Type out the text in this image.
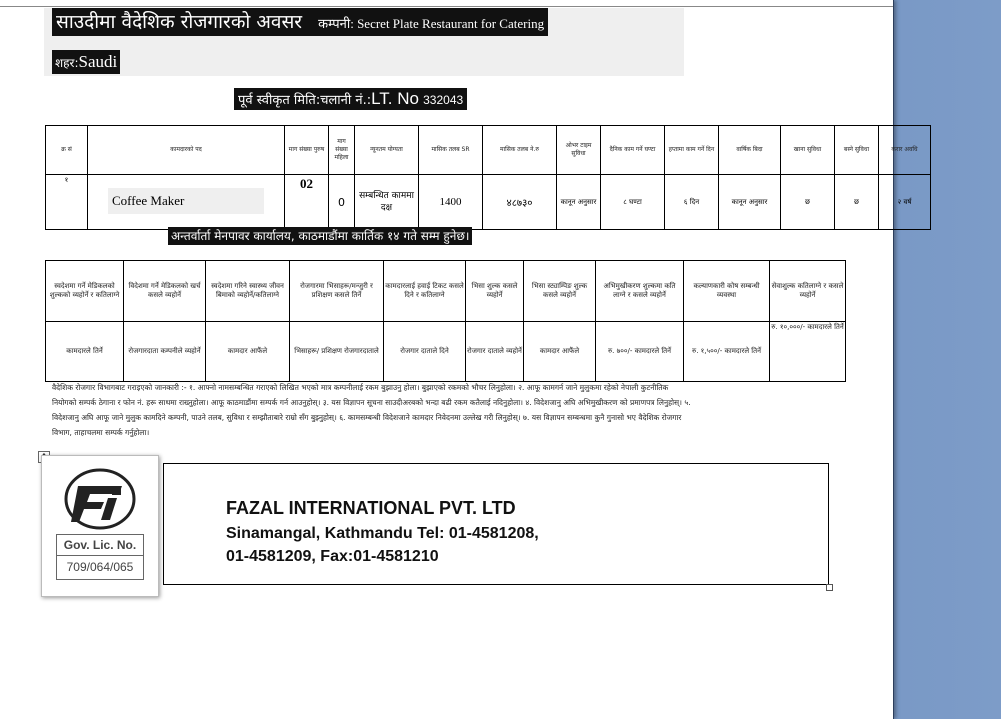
साउदीमा वैदेशिक रोजगारको अवसर कम्पनी: Secret Plate Restaurant for Catering
शहर:Saudi
पूर्व स्वीकृत मिति:चलानी नं.:LT. No 332043
क्र सं	कामदारको पद	माग संख्या पुरुष	माग संख्या महिला	न्यूनतम योग्यता	मासिक तलब SR	मासिक तलब ने.रु	ओभर टाइम सुविधा	दैनिक काम गर्ने घण्टा	हप्तामा काम गर्ने दिन	वार्षिक बिदा	खाना सुविधा	बस्ने सुविधा	करार अवधि
१	Coffee Maker	02	0	सम्बन्धित काममा दक्ष	1400	४८७३०	कानून अनुसार	८ घण्टा	६ दिन	कानून अनुसार	छ	छ	२ वर्ष
अन्तर्वार्ता मेनपावर कार्यालय, काठमाडौंमा कार्तिक १४ गते सम्म हुनेछ।
स्वदेशमा गर्ने मेडिकलको शुल्कको व्यहोर्ने र कतिलाग्ने	विदेशमा गर्ने मेडिकलको खर्च कसले व्यहोर्ने	स्वदेशमा गरिने स्वास्थ्य जीवन बिमाको व्यहोर्ने/कतिलाग्ने	रोजगारमा भिसाहरू/मन्जुरी र प्रशिक्षण कसले तिर्ने	कामदारलाई हवाई टिकट कसले दिने र कतिलाग्ने	भिसा शुल्क कसले व्यहोर्ने	भिसा स्ट्याम्पिङ शुल्क कसले व्यहोर्ने	अभिमुखीकरण शुल्कमा कति लाग्ने र कसले व्यहोर्ने	कल्याणकारी कोष सम्बन्धी व्यवस्था	सेवाशुल्क कतिलाग्ने र कसले व्यहोर्ने
कामदारले तिर्ने	रोजगारदाता कम्पनीले व्यहोर्ने	कामदार आफैंले	भिसाहरू/ प्रशिक्षण रोजगारदाताले	रोजगार दाताले दिने	रोजगार दाताले व्यहोर्ने	कामदार आफैंले	रु. ७००/- कामदारले तिर्ने	रु. १,५००/- कामदारले तिर्ने	रु. १०,०००/- कामदारले तिर्ने
वैदेशिक रोजगार विभागबाट गराइएको जानकारी :- १. आफ्नो नामसम्बन्धित गराएको लिखित भएको मात्र कम्पनीलाई रकम बुझाउनु होला। बुझाएको रकमको भौचर लिनुहोला। २. आफू कामगर्न जाने मुलुकमा रहेको नेपाली कुटनीतिक नियोगको सम्पर्क ठेगाना र फोन नं. हरू साथमा राख्नुहोला। आफू काठमाडौंमा सम्पर्क गर्न आउनुहोस्। ३. यस विज्ञापन सूचना साउदीअरबको भन्दा बढी रकम कतैलाई नदिनुहोला। ४. विदेशजानु अघि अभिमुखीकरण को प्रमाणपत्र लिनुहोस्। ५. विदेशजानु अघि आफू जाने मुलुक कामदिने कम्पनी, पाउने तलब, सुविधा र सम्झौताबारे राम्रो सँग बुझ्नुहोस्। ६. कामसम्बन्धी विदेशजाने कामदार निवेदनमा उल्लेख गरी लिनुहोस्। ७. यस विज्ञापन सम्बन्धमा कुनै गुनासो भए वैदेशिक रोजगार विभाग, ताहाचलमा सम्पर्क गर्नुहोला।
Gov. Lic. No.
709/064/065
FAZAL INTERNATIONAL PVT. LTD
Sinamangal, Kathmandu Tel: 01-4581208,
01-4581209, Fax:01-4581210
